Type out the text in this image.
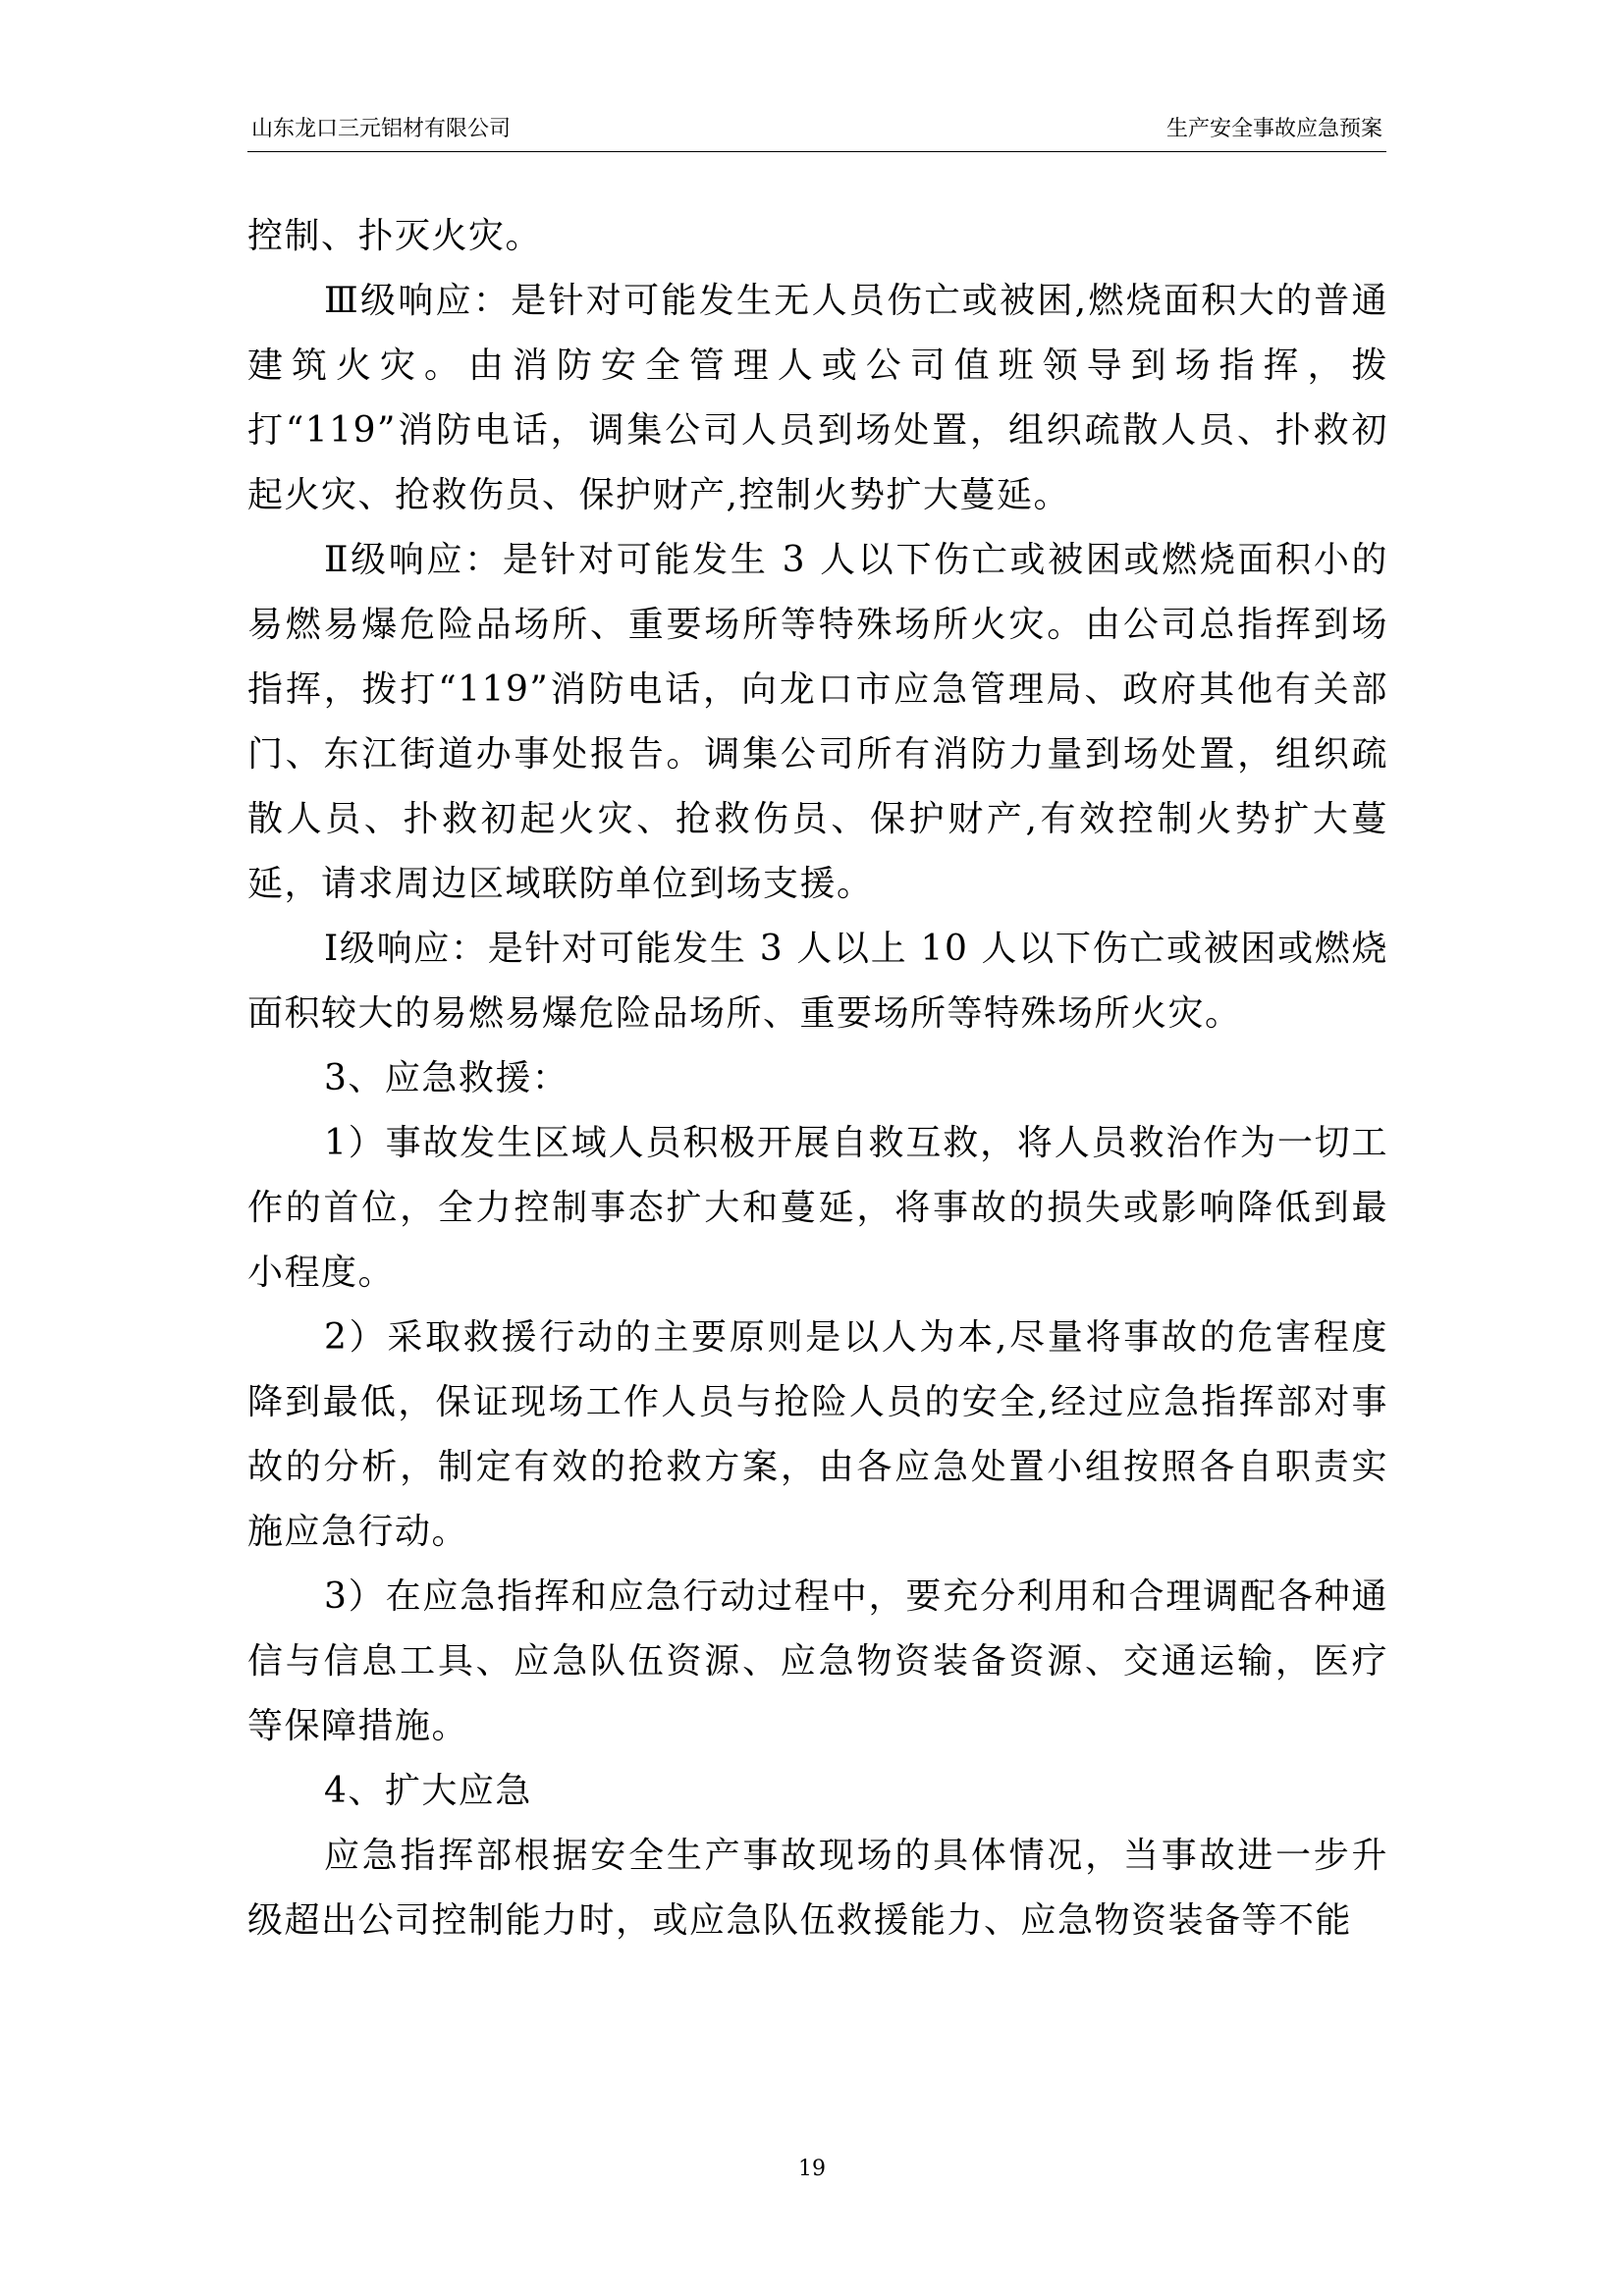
山东龙口三元铝材有限公司	生产安全事故应急预案

控制、扑灭火灾。

Ⅲ级响应：是针对可能发生无人员伤亡或被困,燃烧面积大的普通建筑火灾。由消防安全管理人或公司值班领导到场指挥，拨打“119”消防电话，调集公司人员到场处置，组织疏散人员、扑救初起火灾、抢救伤员、保护财产,控制火势扩大蔓延。

Ⅱ级响应：是针对可能发生 3 人以下伤亡或被困或燃烧面积小的易燃易爆危险品场所、重要场所等特殊场所火灾。由公司总指挥到场指挥，拨打“119”消防电话，向龙口市应急管理局、政府其他有关部门、东江街道办事处报告。调集公司所有消防力量到场处置，组织疏散人员、扑救初起火灾、抢救伤员、保护财产,有效控制火势扩大蔓延，请求周边区域联防单位到场支援。

Ⅰ级响应：是针对可能发生 3 人以上 10 人以下伤亡或被困或燃烧面积较大的易燃易爆危险品场所、重要场所等特殊场所火灾。

3、应急救援：

1）事故发生区域人员积极开展自救互救，将人员救治作为一切工作的首位，全力控制事态扩大和蔓延，将事故的损失或影响降低到最小程度。

2）采取救援行动的主要原则是以人为本,尽量将事故的危害程度降到最低，保证现场工作人员与抢险人员的安全,经过应急指挥部对事故的分析，制定有效的抢救方案，由各应急处置小组按照各自职责实施应急行动。

3）在应急指挥和应急行动过程中，要充分利用和合理调配各种通信与信息工具、应急队伍资源、应急物资装备资源、交通运输，医疗等保障措施。

4、扩大应急

应急指挥部根据安全生产事故现场的具体情况，当事故进一步升级超出公司控制能力时，或应急队伍救援能力、应急物资装备等不能

19
